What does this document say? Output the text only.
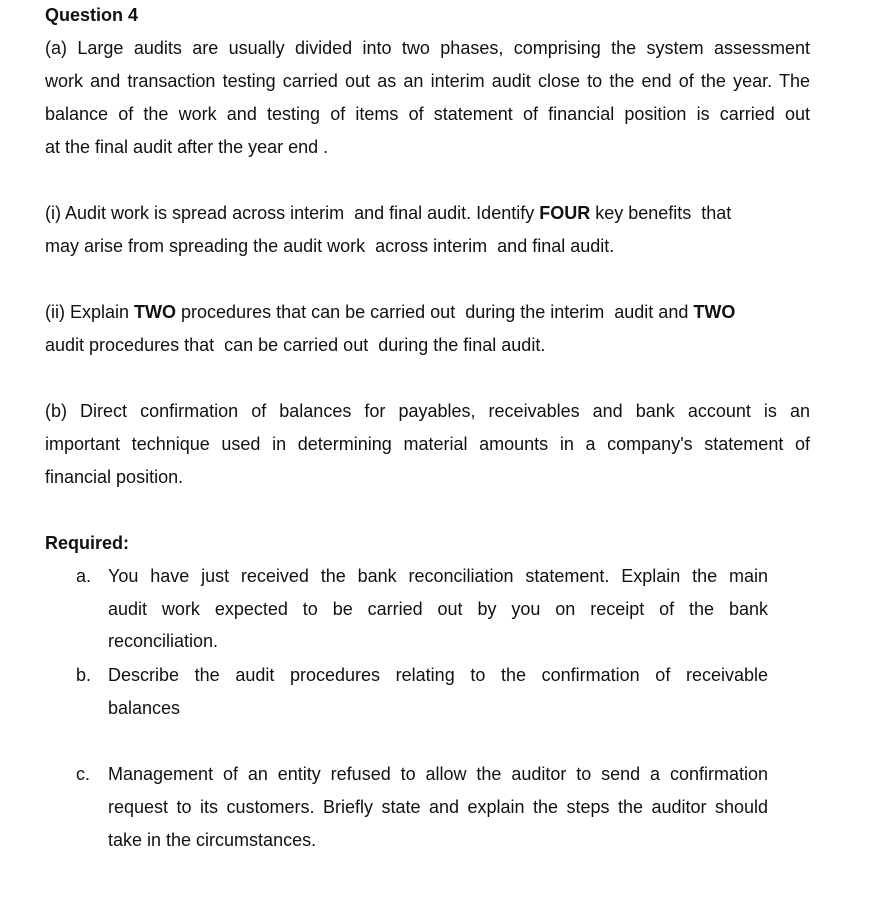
Question 4
(a) Large audits are usually divided into two phases, comprising the system assessment
work and transaction testing carried out as an interim audit close to the end of the year. The
balance of the work and testing of items of statement of financial position is carried out
at the final audit after the year end .
(i) Audit work is spread across interim  and final audit. Identify FOUR key benefits  that
may arise from spreading the audit work  across interim  and final audit.
(ii) Explain TWO procedures that can be carried out  during the interim  audit and TWO
audit procedures that  can be carried out  during the final audit.
(b) Direct confirmation of balances for payables, receivables and bank account is an
important technique used in determining material amounts in a company's statement of
financial position.
Required:
a. You have just received the bank reconciliation statement. Explain the main
audit work expected to be carried out by you on receipt of the bank
reconciliation.
b. Describe the audit procedures relating to the confirmation of receivable
balances
c. Management of an entity refused to allow the auditor to send a confirmation
request to its customers. Briefly state and explain the steps the auditor should
take in the circumstances.
